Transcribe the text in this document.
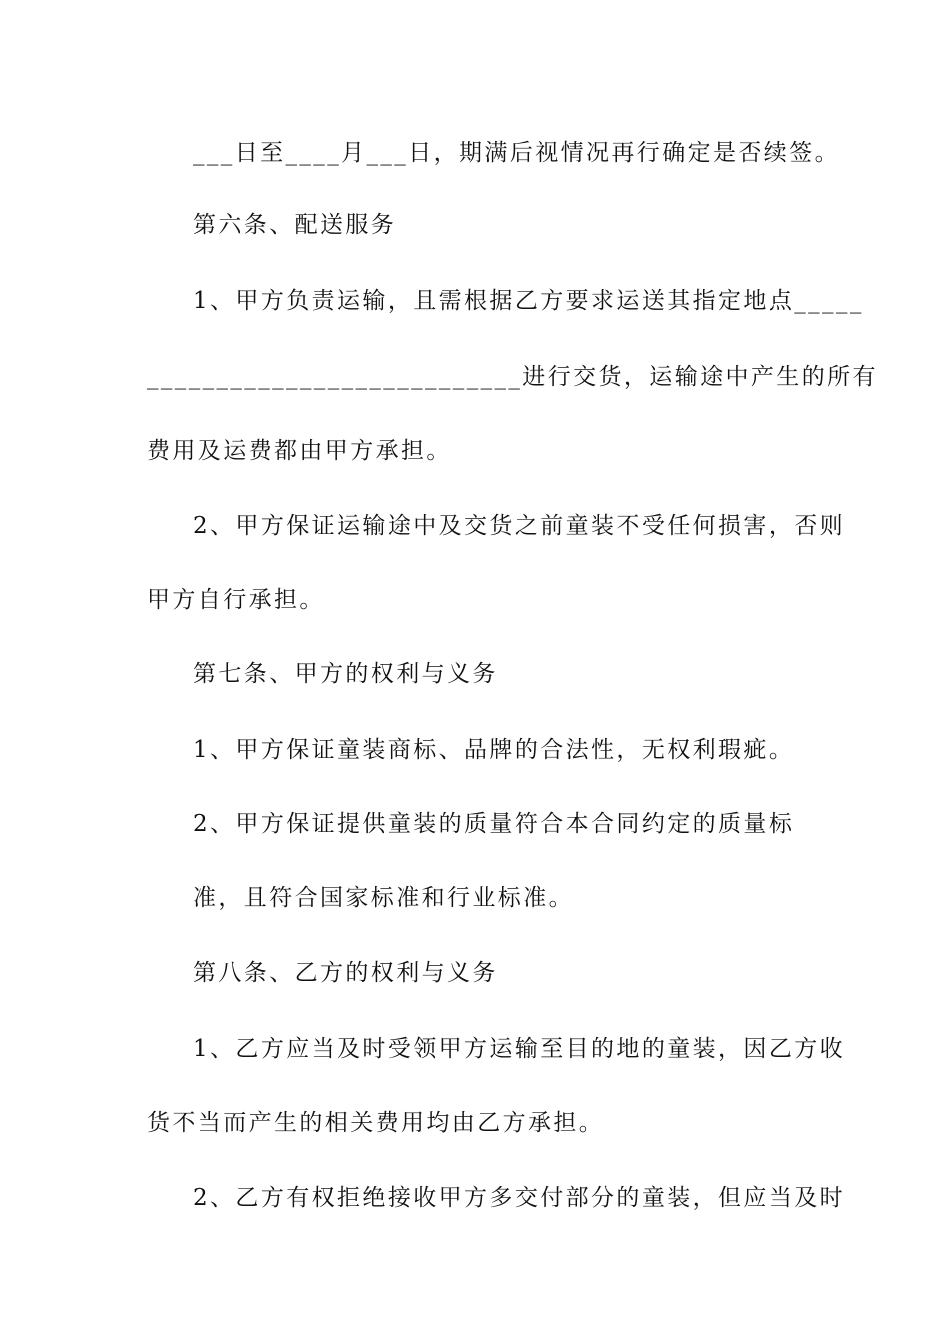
___日至____月___日，期满后视情况再行确定是否续签。
第六条、配送服务
1、甲方负责运输，且需根据乙方要求运送其指定地点_____
___________________________进行交货，运输途中产生的所有
费用及运费都由甲方承担。
2、甲方保证运输途中及交货之前童装不受任何损害，否则
甲方自行承担。
第七条、甲方的权利与义务
1、甲方保证童装商标、品牌的合法性，无权利瑕疵。
2、甲方保证提供童装的质量符合本合同约定的质量标
准，且符合国家标准和行业标准。
第八条、乙方的权利与义务
1、乙方应当及时受领甲方运输至目的地的童装，因乙方收
货不当而产生的相关费用均由乙方承担。
2、乙方有权拒绝接收甲方多交付部分的童装，但应当及时
